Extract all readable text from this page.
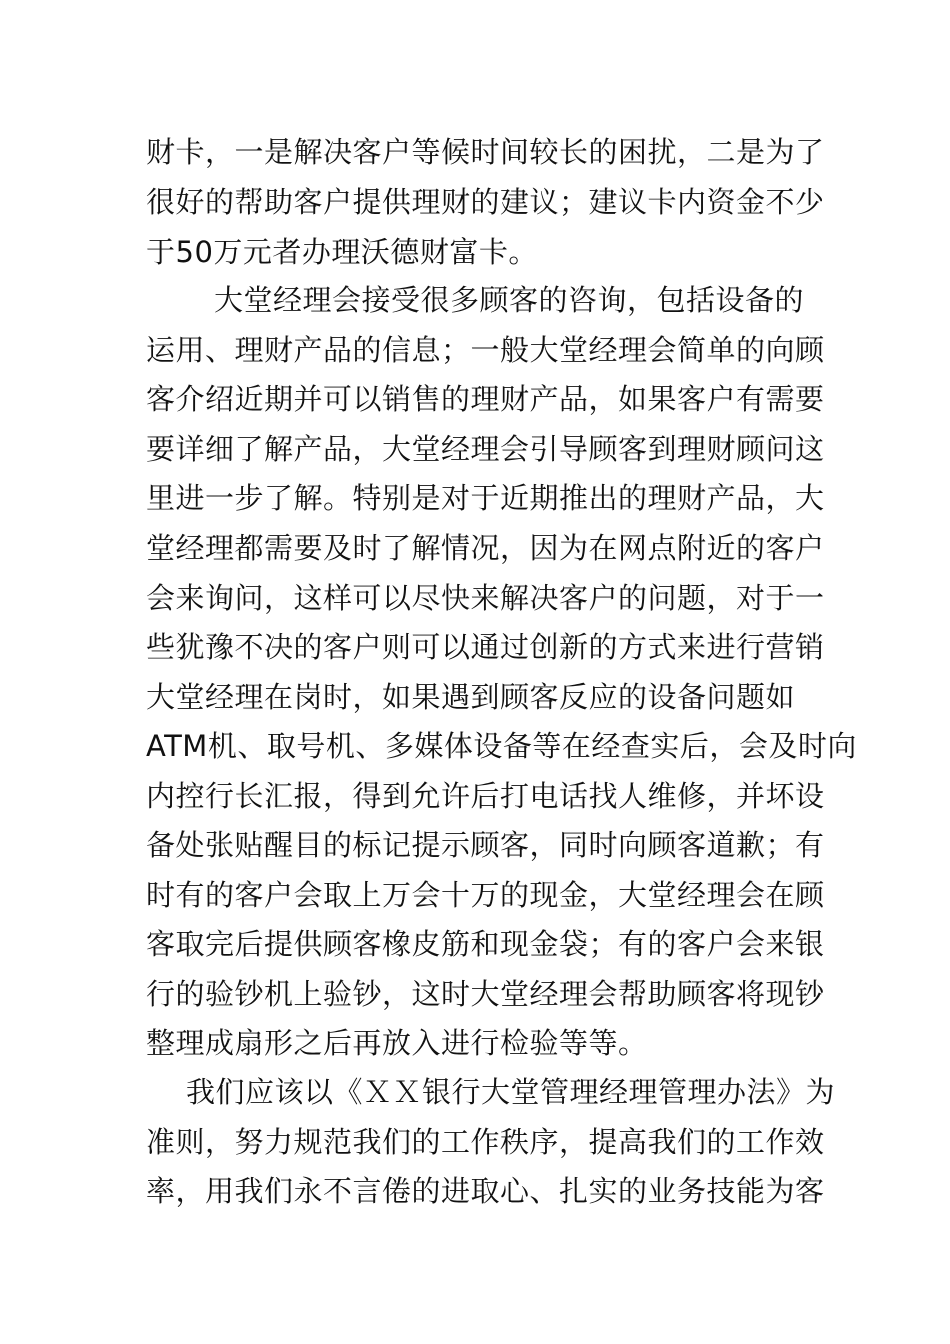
财卡，一是解决客户等候时间较长的困扰，二是为了
很好的帮助客户提供理财的建议；建议卡内资金不少
于50万元者办理沃德财富卡。
大堂经理会接受很多顾客的咨询，包括设备的
运用、理财产品的信息；一般大堂经理会简单的向顾
客介绍近期并可以销售的理财产品，如果客户有需要
要详细了解产品，大堂经理会引导顾客到理财顾问这
里进一步了解。特别是对于近期推出的理财产品，大
堂经理都需要及时了解情况，因为在网点附近的客户
会来询问，这样可以尽快来解决客户的问题，对于一
些犹豫不决的客户则可以通过创新的方式来进行营销
大堂经理在岗时，如果遇到顾客反应的设备问题如
ATM机、取号机、多媒体设备等在经查实后，会及时向
内控行长汇报，得到允许后打电话找人维修，并坏设
备处张贴醒目的标记提示顾客，同时向顾客道歉；有
时有的客户会取上万会十万的现金，大堂经理会在顾
客取完后提供顾客橡皮筋和现金袋；有的客户会来银
行的验钞机上验钞，这时大堂经理会帮助顾客将现钞
整理成扇形之后再放入进行检验等等。
我们应该以《ＸＸ银行大堂管理经理管理办法》为
准则，努力规范我们的工作秩序，提高我们的工作效
率，用我们永不言倦的进取心、扎实的业务技能为客
